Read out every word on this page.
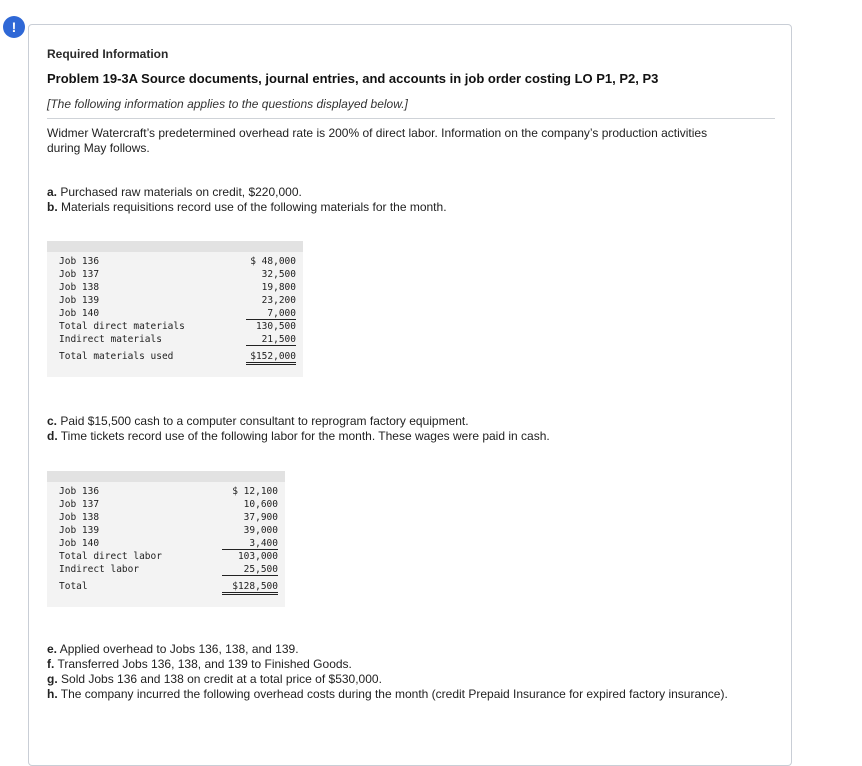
!
Required Information
Problem 19-3A Source documents, journal entries, and accounts in job order costing LO P1, P2, P3
[The following information applies to the questions displayed below.]
Widmer Watercraft’s predetermined overhead rate is 200% of direct labor. Information on the company’s production activities during May follows.
a. Purchased raw materials on credit, $220,000.
b. Materials requisitions record use of the following materials for the month.
Job 136	$ 48,000
Job 137	32,500
Job 138	19,800
Job 139	23,200
Job 140	7,000
Total direct materials	130,500
Indirect materials	21,500
Total materials used	$152,000
c. Paid $15,500 cash to a computer consultant to reprogram factory equipment.
d. Time tickets record use of the following labor for the month. These wages were paid in cash.
Job 136	$ 12,100
Job 137	10,600
Job 138	37,900
Job 139	39,000
Job 140	3,400
Total direct labor	103,000
Indirect labor	25,500
Total	$128,500
e. Applied overhead to Jobs 136, 138, and 139.
f. Transferred Jobs 136, 138, and 139 to Finished Goods.
g. Sold Jobs 136 and 138 on credit at a total price of $530,000.
h. The company incurred the following overhead costs during the month (credit Prepaid Insurance for expired factory insurance).
